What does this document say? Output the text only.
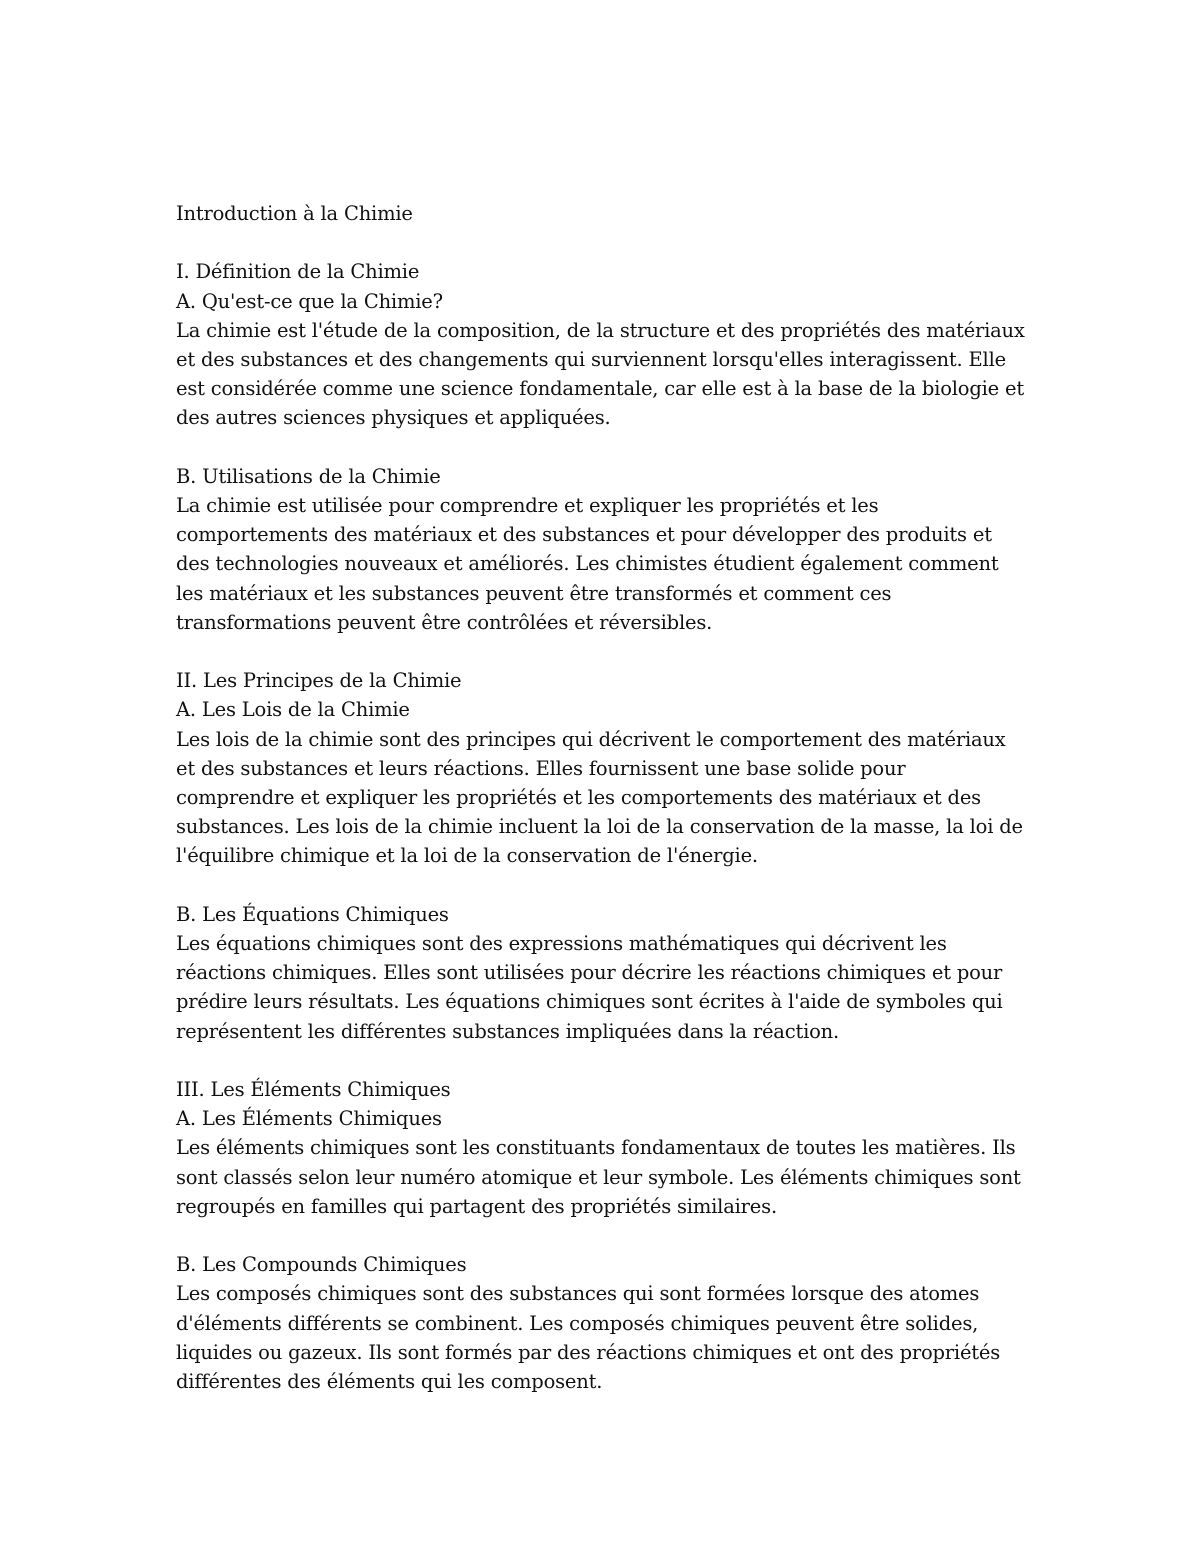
Introduction à la Chimie
I. Définition de la Chimie
A. Qu'est-ce que la Chimie?

La chimie est l'étude de la composition, de la structure et des propriétés des matériaux et des substances et des changements qui surviennent lorsqu'elles interagissent. Elle est considérée comme une science fondamentale, car elle est à la base de la biologie et des autres sciences physiques et appliquées.

B. Utilisations de la Chimie

La chimie est utilisée pour comprendre et expliquer les propriétés et les comportements des matériaux et des substances et pour développer des produits et des technologies nouveaux et améliorés. Les chimistes étudient également comment les matériaux et les substances peuvent être transformés et comment ces transformations peuvent être contrôlées et réversibles.

II. Les Principes de la Chimie
A. Les Lois de la Chimie

Les lois de la chimie sont des principes qui décrivent le comportement des matériaux et des substances et leurs réactions. Elles fournissent une base solide pour comprendre et expliquer les propriétés et les comportements des matériaux et des substances. Les lois de la chimie incluent la loi de la conservation de la masse, la loi de l'équilibre chimique et la loi de la conservation de l'énergie.

B. Les Équations Chimiques

Les équations chimiques sont des expressions mathématiques qui décrivent les réactions chimiques. Elles sont utilisées pour décrire les réactions chimiques et pour prédire leurs résultats. Les équations chimiques sont écrites à l'aide de symboles qui représentent les différentes substances impliquées dans la réaction.

III. Les Éléments Chimiques
A. Les Éléments Chimiques

Les éléments chimiques sont les constituants fondamentaux de toutes les matières. Ils sont classés selon leur numéro atomique et leur symbole. Les éléments chimiques sont regroupés en familles qui partagent des propriétés similaires.

B. Les Compounds Chimiques

Les composés chimiques sont des substances qui sont formées lorsque des atomes d'éléments différents se combinent. Les composés chimiques peuvent être solides, liquides ou gazeux. Ils sont formés par des réactions chimiques et ont des propriétés différentes des éléments qui les composent.
